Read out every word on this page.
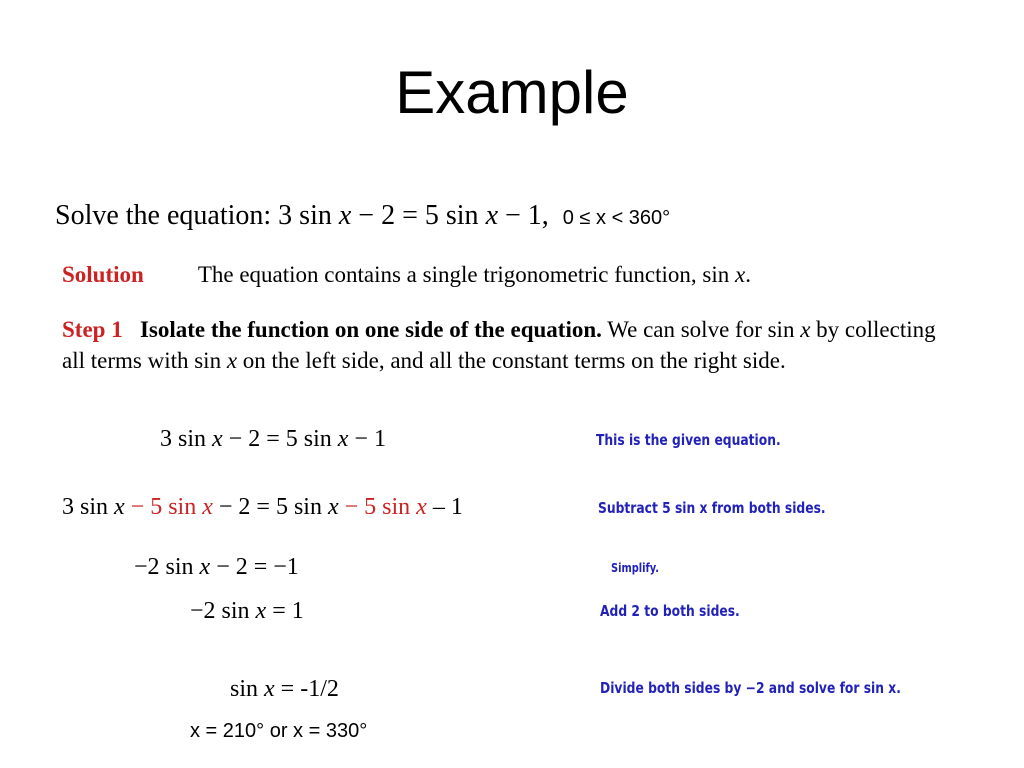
Example
Solve the equation: 3 sin x − 2 = 5 sin x − 1, 0 ≤ x < 360°
Solution The equation contains a single trigonometric function, sin x.
Step 1 Isolate the function on one side of the equation. We can solve for sin x by collecting all terms with sin x on the left side, and all the constant terms on the right side.
3 sin x − 2 = 5 sin x − 1	This is the given equation.
3 sin x − 5 sin x − 2 = 5 sin x − 5 sin x – 1	Subtract 5 sin x from both sides.
−2 sin x − 2 = −1	Simplify.
−2 sin x = 1	Add 2 to both sides.
sin x = -1/2	Divide both sides by −2 and solve for sin x.
x = 210° or x = 330°
